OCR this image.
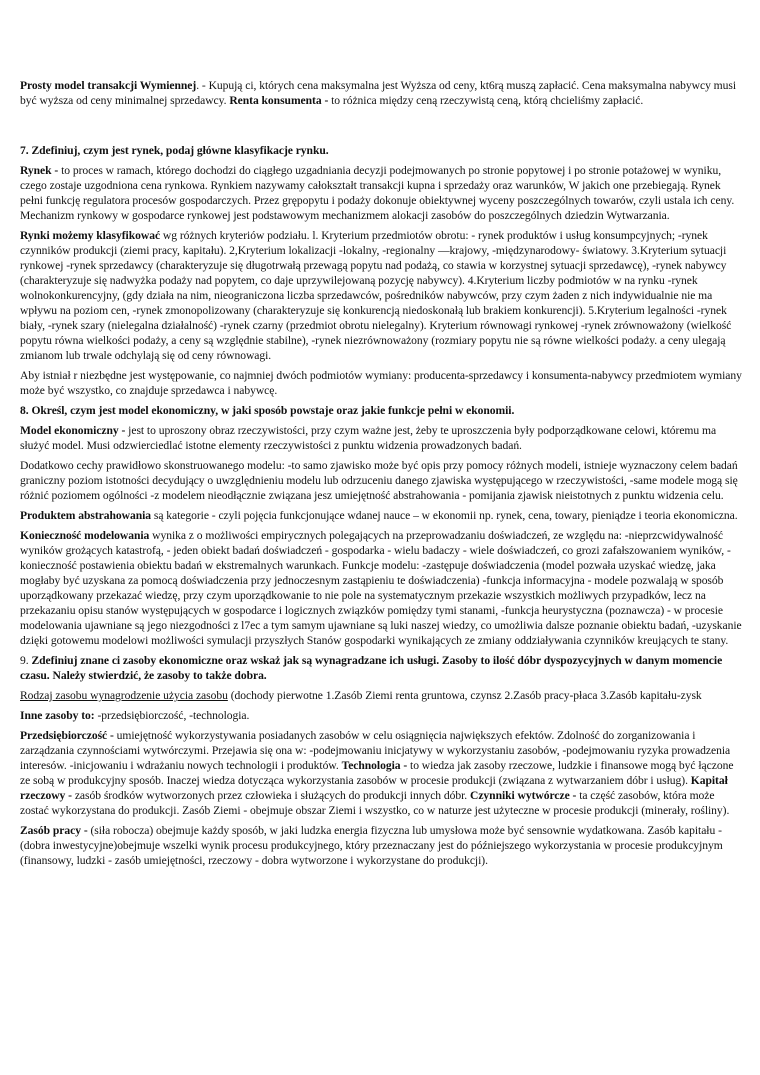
Prosty model transakcji Wymiennej. - Kupują ci, których cena maksymalna jest Wyższa od ceny, kt6rą muszą zapłacić. Cena maksymalna nabywcy musi być wyższa od ceny minimalnej sprzedawcy. Renta konsumenta - to różnica między ceną rzeczywistą ceną, którą chcieliśmy zapłacić.

7. Zdefiniuj, czym jest rynek, podaj główne klasyfikacje rynku.

Rynek - to proces w ramach, którego dochodzi do ciągłego uzgadniania decyzji podejmowanych po stronie popytowej i po stronie potażowej w wyniku, czego zostaje uzgodniona cena rynkowa. Rynkiem nazywamy całokształt transakcji kupna i sprzedaży oraz warunków, W jakich one przebiegają. Rynek pełni funkcję regulatora procesów gospodarczych. Przez grępopytu i podaży dokonuje obiektywnej wyceny poszczególnych towarów, czyli ustala ich ceny. Mechanizm rynkowy w gospodarce rynkowej jest podstawowym mechanizmem alokacji zasobów do poszczególnych dziedzin Wytwarzania.

Rynki możemy klasyfikować wg różnych kryteriów podziału. l. Kryterium przedmiotów obrotu: - rynek produktów i usług konsumpcyjnych; -rynek czynników produkcji (ziemi pracy, kapitału). 2,Kryterium lokalizacji -lokalny, -regionalny —krajowy, -międzynarodowy- światowy. 3.Kryterium sytuacji rynkowej -rynek sprzedawcy (charakteryzuje się długotrwałą przewagą popytu nad podażą, co stawia w korzystnej sytuacji sprzedawcę), -rynek nabywcy (charakteryzuje się nadwyżka podaży nad popytem, co daje uprzywilejowaną pozycję nabywcy). 4.Kryterium liczby podmiotów w na rynku -rynek wolnokonkurencyjny, (gdy działa na nim, nieograniczona liczba sprzedawców, pośredników nabywców, przy czym żaden z nich indywidualnie nie ma wpływu na poziom cen, -rynek zmonopolizowany (charakteryzuje się konkurencją niedoskonałą lub brakiem konkurencji). 5.Kryterium legalności -rynek biały, -rynek szary (nielegalna działalność) -rynek czarny (przedmiot obrotu nielegalny). Kryterium równowagi rynkowej -rynek zrównoważony (wielkość popytu równa wielkości podaży, a ceny są względnie stabilne), -rynek niezrównoważony (rozmiary popytu nie są równe wielkości podaży. a ceny ulegają zmianom lub trwale odchylają się od ceny równowagi.

Aby istniał r niezbędne jest występowanie, co najmniej dwóch podmiotów wymiany: producenta-sprzedawcy i konsumenta-nabywcy przedmiotem wymiany może być wszystko, co znajduje sprzedawca i nabywcę.

8. Określ, czym jest model ekonomiczny, w jaki sposób powstaje oraz jakie funkcje pełni w ekonomii.

Model ekonomiczny - jest to uproszony obraz rzeczywistości, przy czym ważne jest, żeby te uproszczenia były podporządkowane celowi, któremu ma służyć model. Musi odzwierciedlać istotne elementy rzeczywistości z punktu widzenia prowadzonych badań.

Dodatkowo cechy prawidłowo skonstruowanego modelu: -to samo zjawisko może być opis przy pomocy różnych modeli, istnieje wyznaczony celem badań graniczny poziom istotności decydujący o uwzględnieniu modelu lub odrzuceniu danego zjawiska występującego w rzeczywistości, -same modele mogą się różnić poziomem ogólności -z modelem nieodłącznie związana jesz umiejętność abstrahowania - pomijania zjawisk nieistotnych z punktu widzenia celu.

Produktem abstrahowania są kategorie - czyli pojęcia funkcjonujące wdanej nauce – w ekonomii np. rynek, cena, towary, pieniądze i teoria ekonomiczna.

Konieczność modelowania wynika z o możliwości empirycznych polegających na przeprowadzaniu doświadczeń, ze względu na: -nieprzcwidywalność wyników grożących katastrofą, - jeden obiekt badań doświadczeń - gospodarka - wielu badaczy - wiele doświadczeń, co grozi zafałszowaniem wyników, -konieczność postawienia obiektu badań w ekstremalnych warunkach. Funkcje modelu: -zastępuje doświadczenia (model pozwała uzyskać wiedzę, jaka mogłaby być uzyskana za pomocą doświadczenia przy jednoczesnym zastąpieniu te doświadczenia) -funkcja informacyjna - modele pozwalają w sposób uporządkowany przekazać wiedzę, przy czym uporządkowanie to nie pole na systematycznym przekazie wszystkich możliwych przypadków, lecz na przekazaniu opisu stanów występujących w gospodarce i logicznych związków pomiędzy tymi stanami, -funkcja heurystyczna (poznawcza) - w procesie modelowania ujawniane są jego niezgodności z l7ec a tym samym ujawniane są luki naszej wiedzy, co umożliwia dalsze poznanie obiektu badań, -uzyskanie dzięki gotowemu modelowi możliwości symulacji przyszłych Stanów gospodarki wynikających ze zmiany oddziaływania czynników kreujących te stany.

9. Zdefiniuj znane ci zasoby ekonomiczne oraz wskaż jak są wynagradzane ich usługi. Zasoby to ilość dóbr dyspozycyjnych w danym momencie czasu. Należy stwierdzić, że zasoby to także dobra.

Rodzaj zasobu wynagrodzenie użycia zasobu (dochody pierwotne 1.Zasób Ziemi renta gruntowa, czynsz 2.Zasób pracy-płaca 3.Zasób kapitału-zysk

Inne zasoby to: -przedsiębiorczość, -technologia.

Przedsiębiorczość - umiejętność wykorzystywania posiadanych zasobów w celu osiągnięcia największych efektów. Zdolność do zorganizowania i zarządzania czynnościami wytwórczymi. Przejawia się ona w: -podejmowaniu inicjatywy w wykorzystaniu zasobów, -podejmowaniu ryzyka prowadzenia interesów. -inicjowaniu i wdrażaniu nowych technologii i produktów. Technologia - to wiedza jak zasoby rzeczowe, ludzkie i finansowe mogą być łączone ze sobą w produkcyjny sposób. Inaczej wiedza dotycząca wykorzystania zasobów w procesie produkcji (związana z wytwarzaniem dóbr i usług). Kapitał rzeczowy - zasób środków wytworzonych przez człowieka i służących do produkcji innych dóbr. Czynniki wytwórcze - ta część zasobów, która może zostać wykorzystana do produkcji. Zasób Ziemi - obejmuje obszar Ziemi i wszystko, co w naturze jest użyteczne w procesie produkcji (minerały, rośliny).

Zasób pracy - (siła robocza) obejmuje każdy sposób, w jaki ludzka energia fizyczna lub umysłowa może być sensownie wydatkowana. Zasób kapitału - (dobra inwestycyjne)obejmuje wszelki wynik procesu produkcyjnego, który przeznaczany jest do późniejszego wykorzystania w procesie produkcyjnym (finansowy, ludzki - zasób umiejętności, rzeczowy - dobra wytworzone i wykorzystane do produkcji).
